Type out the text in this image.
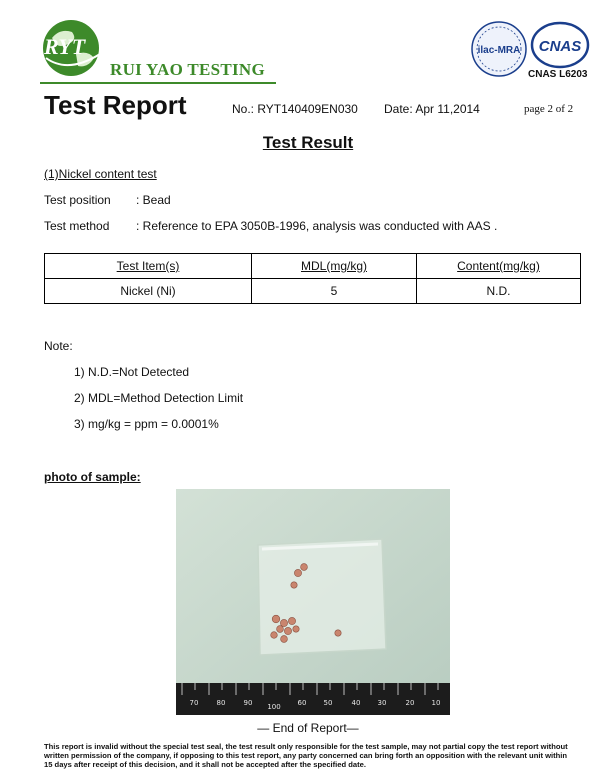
RYT
RUI YAO TESTING
ilac-MRA CNAS
CNAS L6203
Test Report	No.: RYT140409EN030 Date: Apr 11,2014	page 2 of 2
Test Result
(1)Nickel content test
Test position : Bead
Test method : Reference to EPA 3050B-1996, analysis was conducted with AAS .
Test Item(s)	MDL(mg/kg)	Content(mg/kg)
Nickel (Ni)	5	N.D.
Note:
1) N.D.=Not Detected
2) MDL=Method Detection Limit
3) mg/kg = ppm = 0.0001%
photo of sample:
100
90
80
70	60 50	40 30	20 10
— End of Report—
This report is invalid without the special test seal, the test result only responsible for the test sample, may not partial copy the test report without written permission of the company, if opposing to this test report, any party concerned can bring forth an opposition with the relevant unit within 15 days after receipt of this decision, and it shall not be accepted after the specified date.
